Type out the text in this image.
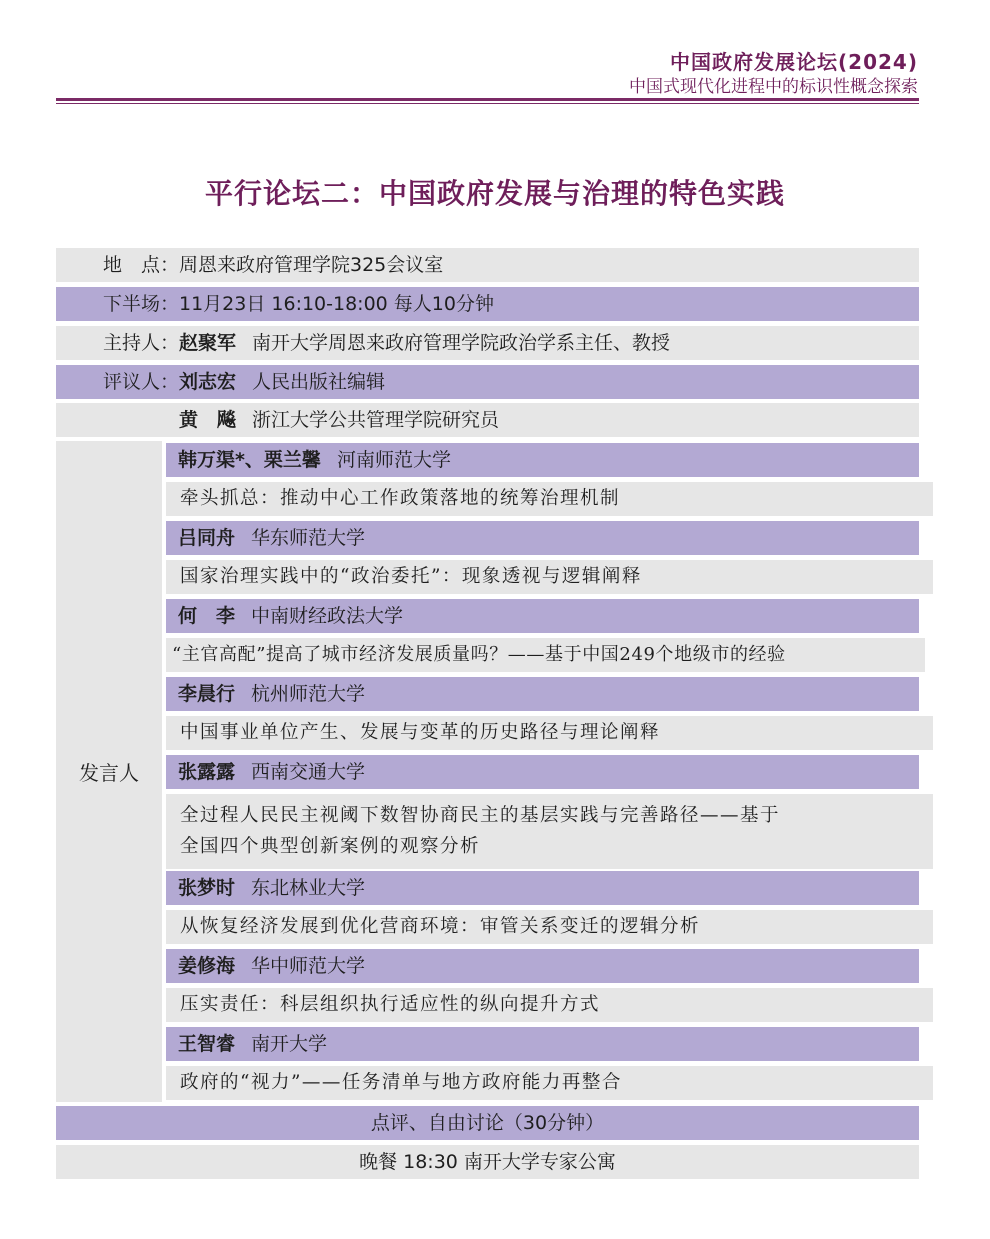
中国政府发展论坛(2024)
中国式现代化进程中的标识性概念探索
平行论坛二：中国政府发展与治理的特色实践
地　点：周恩来政府管理学院325会议室
下半场：11月23日 16:10-18:00 每人10分钟
主持人：赵聚军 南开大学周恩来政府管理学院政治学系主任、教授
评议人：刘志宏 人民出版社编辑
黄　飚 浙江大学公共管理学院研究员
发言人
韩万渠*、栗兰馨 河南师范大学
牵头抓总：推动中心工作政策落地的统筹治理机制
吕同舟 华东师范大学
国家治理实践中的“政治委托”：现象透视与逻辑阐释
何　李 中南财经政法大学
“主官高配”提高了城市经济发展质量吗？——基于中国249个地级市的经验
李晨行 杭州师范大学
中国事业单位产生、发展与变革的历史路径与理论阐释
张露露 西南交通大学
全过程人民民主视阈下数智协商民主的基层实践与完善路径——基于
全国四个典型创新案例的观察分析
张梦时 东北林业大学
从恢复经济发展到优化营商环境：审管关系变迁的逻辑分析
姜修海 华中师范大学
压实责任：科层组织执行适应性的纵向提升方式
王智睿 南开大学
政府的“视力”——任务清单与地方政府能力再整合
点评、自由讨论（30分钟）
晚餐 18:30 南开大学专家公寓
